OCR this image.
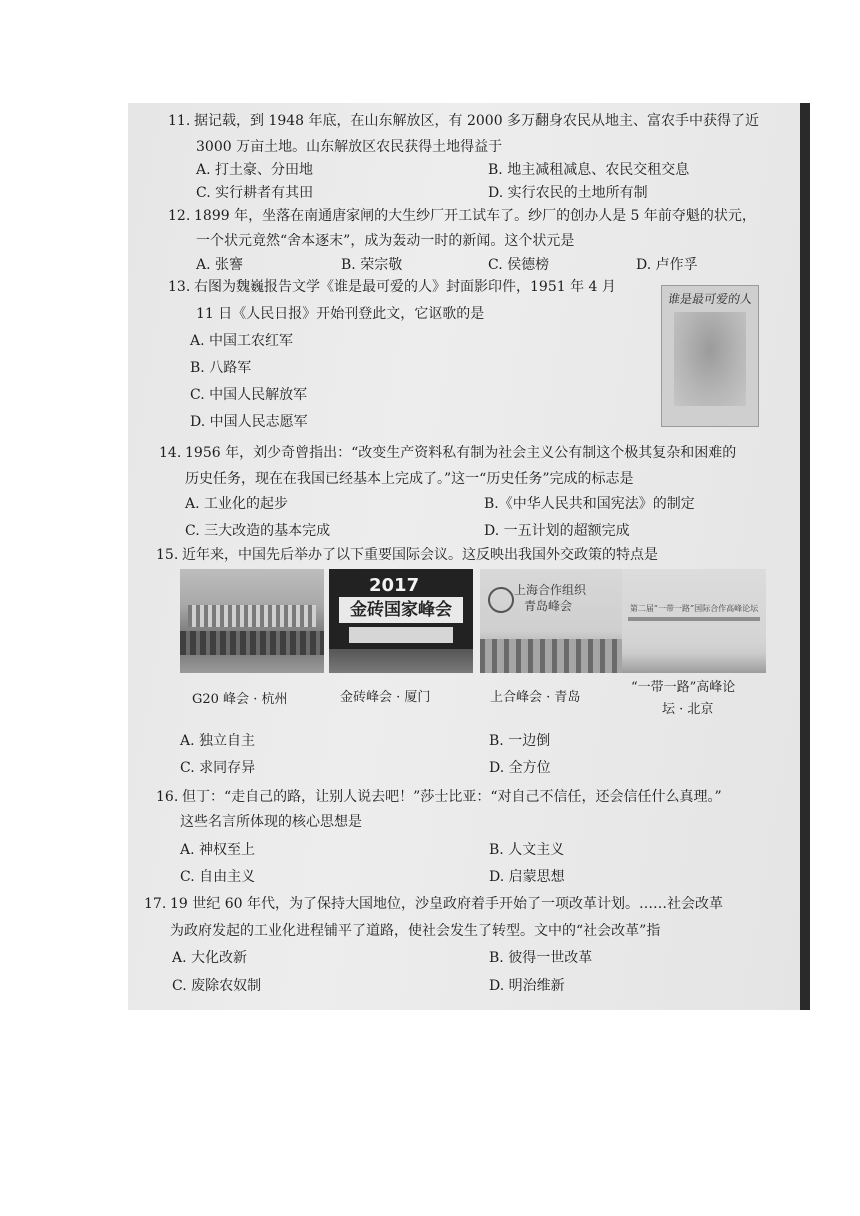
11. 据记载，到 1948 年底，在山东解放区，有 2000 多万翻身农民从地主、富农手中获得了近
3000 万亩土地。山东解放区农民获得土地得益于
A. 打土豪、分田地	B. 地主减租减息、农民交租交息
C. 实行耕者有其田	D. 实行农民的土地所有制
12. 1899 年，坐落在南通唐家闸的大生纱厂开工试车了。纱厂的创办人是 5 年前夺魁的状元，
一个状元竟然“舍本逐末”，成为轰动一时的新闻。这个状元是
A. 张謇	B. 荣宗敬	C. 侯德榜	D. 卢作孚
13. 右图为魏巍报告文学《谁是最可爱的人》封面影印件，1951 年 4 月
11 日《人民日报》开始刊登此文，它讴歌的是
A. 中国工农红军
B. 八路军
C. 中国人民解放军
D. 中国人民志愿军
谁是最可爱的人
14. 1956 年，刘少奇曾指出：“改变生产资料私有制为社会主义公有制这个极其复杂和困难的
历史任务，现在在我国已经基本上完成了。”这一“历史任务”完成的标志是
A. 工业化的起步	B.《中华人民共和国宪法》的制定
C. 三大改造的基本完成	D. 一五计划的超额完成
15. 近年来，中国先后举办了以下重要国际会议。这反映出我国外交政策的特点是
2017
金砖国家峰会
上海合作组织
青岛峰会	第二届“一带一路”国际合作高峰论坛
G20 峰会 · 杭州	金砖峰会 · 厦门	上合峰会 · 青岛
“一带一路”高峰论
坛 · 北京
A. 独立自主	B. 一边倒
C. 求同存异	D. 全方位
16. 但丁：“走自己的路，让别人说去吧！”莎士比亚：“对自己不信任，还会信任什么真理。”
这些名言所体现的核心思想是
A. 神权至上	B. 人文主义
C. 自由主义	D. 启蒙思想
17. 19 世纪 60 年代，为了保持大国地位，沙皇政府着手开始了一项改革计划。……社会改革
为政府发起的工业化进程铺平了道路，使社会发生了转型。文中的“社会改革”指
A. 大化改新	B. 彼得一世改革
C. 废除农奴制	D. 明治维新
